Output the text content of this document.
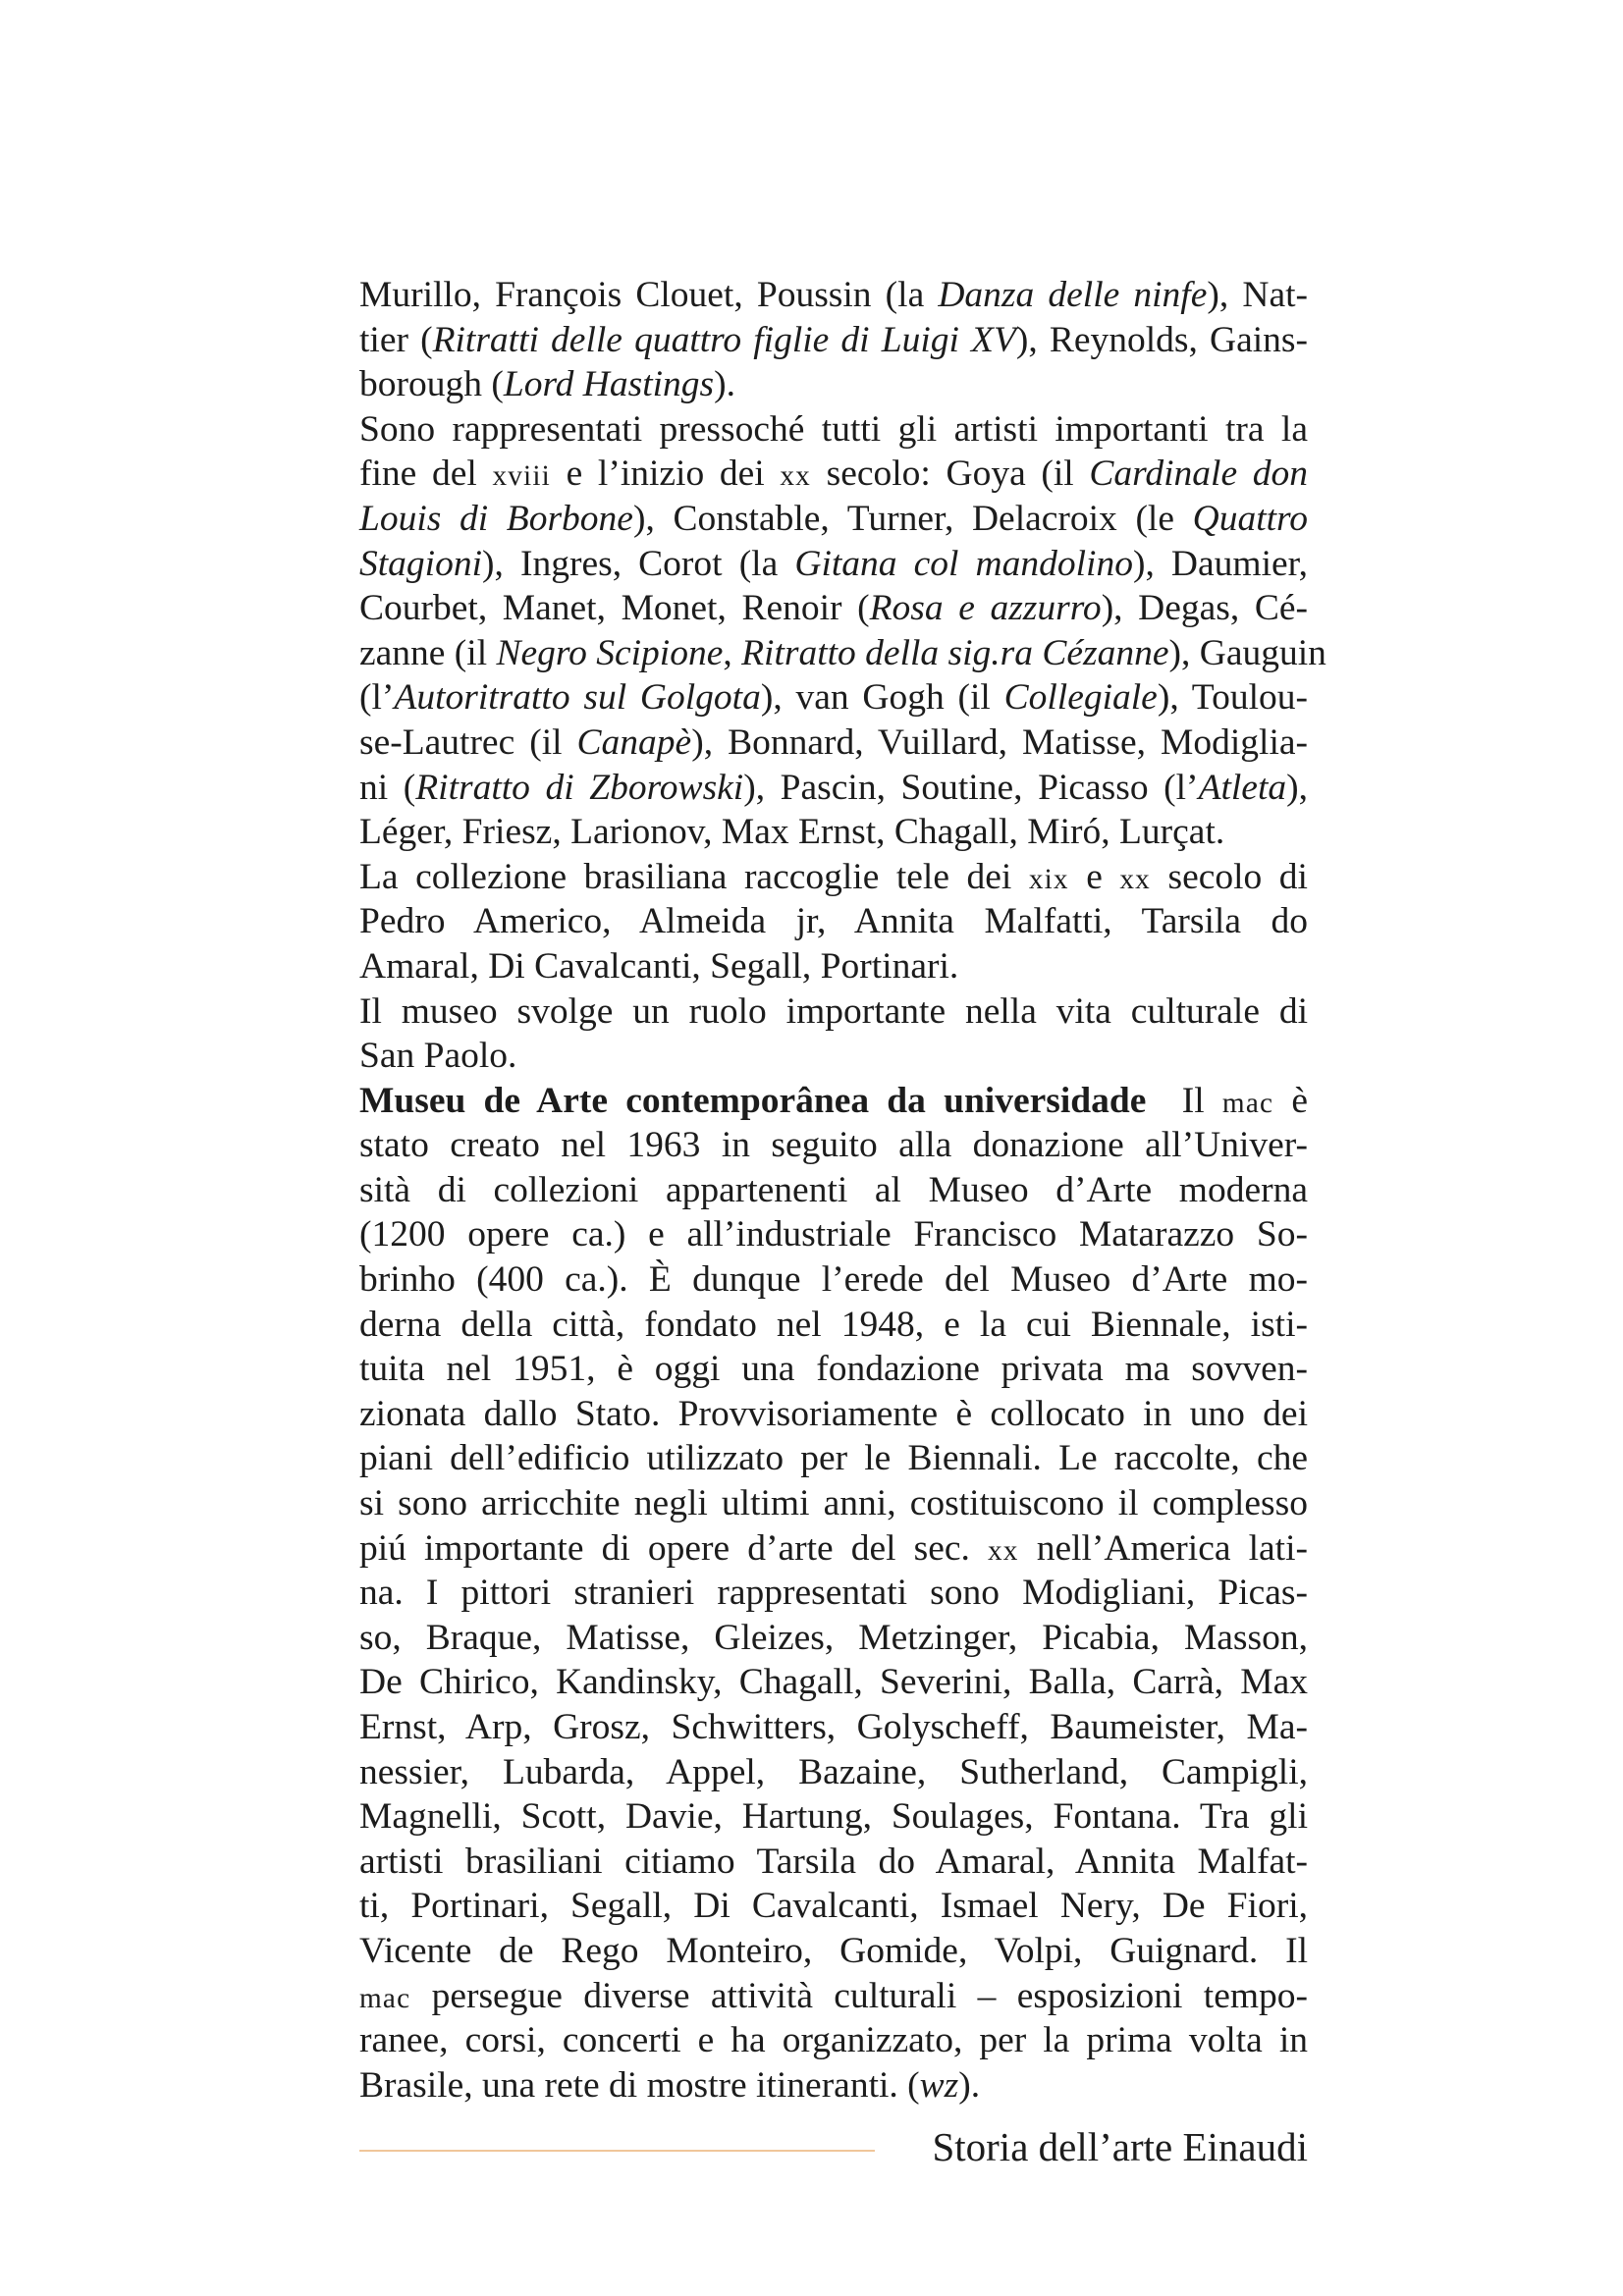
Murillo, François Clouet, Poussin (la Danza delle ninfe), Nat-
tier (Ritratti delle quattro figlie di Luigi XV), Reynolds, Gains-
borough (Lord Hastings).
Sono rappresentati pressoché tutti gli artisti importanti tra la
fine del xviii e l’inizio dei xx secolo: Goya (il Cardinale don
Louis di Borbone), Constable, Turner, Delacroix (le Quattro
Stagioni), Ingres, Corot (la Gitana col mandolino), Daumier,
Courbet, Manet, Monet, Renoir (Rosa e azzurro), Degas, Cé-
zanne (il Negro Scipione, Ritratto della sig.ra Cézanne), Gauguin
(l’Autoritratto sul Golgota), van Gogh (il Collegiale), Toulou-
se-Lautrec (il Canapè), Bonnard, Vuillard, Matisse, Modiglia-
ni (Ritratto di Zborowski), Pascin, Soutine, Picasso (l’Atleta),
Léger, Friesz, Larionov, Max Ernst, Chagall, Miró, Lurçat.
La collezione brasiliana raccoglie tele dei xix e xx secolo di
Pedro Americo, Almeida jr, Annita Malfatti, Tarsila do
Amaral, Di Cavalcanti, Segall, Portinari.
Il museo svolge un ruolo importante nella vita culturale di
San Paolo.
Museu de Arte contemporânea da universidade  Il mac è
stato creato nel 1963 in seguito alla donazione all’Univer-
sità di collezioni appartenenti al Museo d’Arte moderna
(1200 opere ca.) e all’industriale Francisco Matarazzo So-
brinho (400 ca.). È dunque l’erede del Museo d’Arte mo-
derna della città, fondato nel 1948, e la cui Biennale, isti-
tuita nel 1951, è oggi una fondazione privata ma sovven-
zionata dallo Stato. Provvisoriamente è collocato in uno dei
piani dell’edificio utilizzato per le Biennali. Le raccolte, che
si sono arricchite negli ultimi anni, costituiscono il complesso
piú importante di opere d’arte del sec. xx nell’America lati-
na. I pittori stranieri rappresentati sono Modigliani, Picas-
so, Braque, Matisse, Gleizes, Metzinger, Picabia, Masson,
De Chirico, Kandinsky, Chagall, Severini, Balla, Carrà, Max
Ernst, Arp, Grosz, Schwitters, Golyscheff, Baumeister, Ma-
nessier, Lubarda, Appel, Bazaine, Sutherland, Campigli,
Magnelli, Scott, Davie, Hartung, Soulages, Fontana. Tra gli
artisti brasiliani citiamo Tarsila do Amaral, Annita Malfat-
ti, Portinari, Segall, Di Cavalcanti, Ismael Nery, De Fiori,
Vicente de Rego Monteiro, Gomide, Volpi, Guignard. Il
mac persegue diverse attività culturali – esposizioni tempo-
ranee, corsi, concerti e ha organizzato, per la prima volta in
Brasile, una rete di mostre itineranti. (wz).
Storia dell’arte Einaudi
